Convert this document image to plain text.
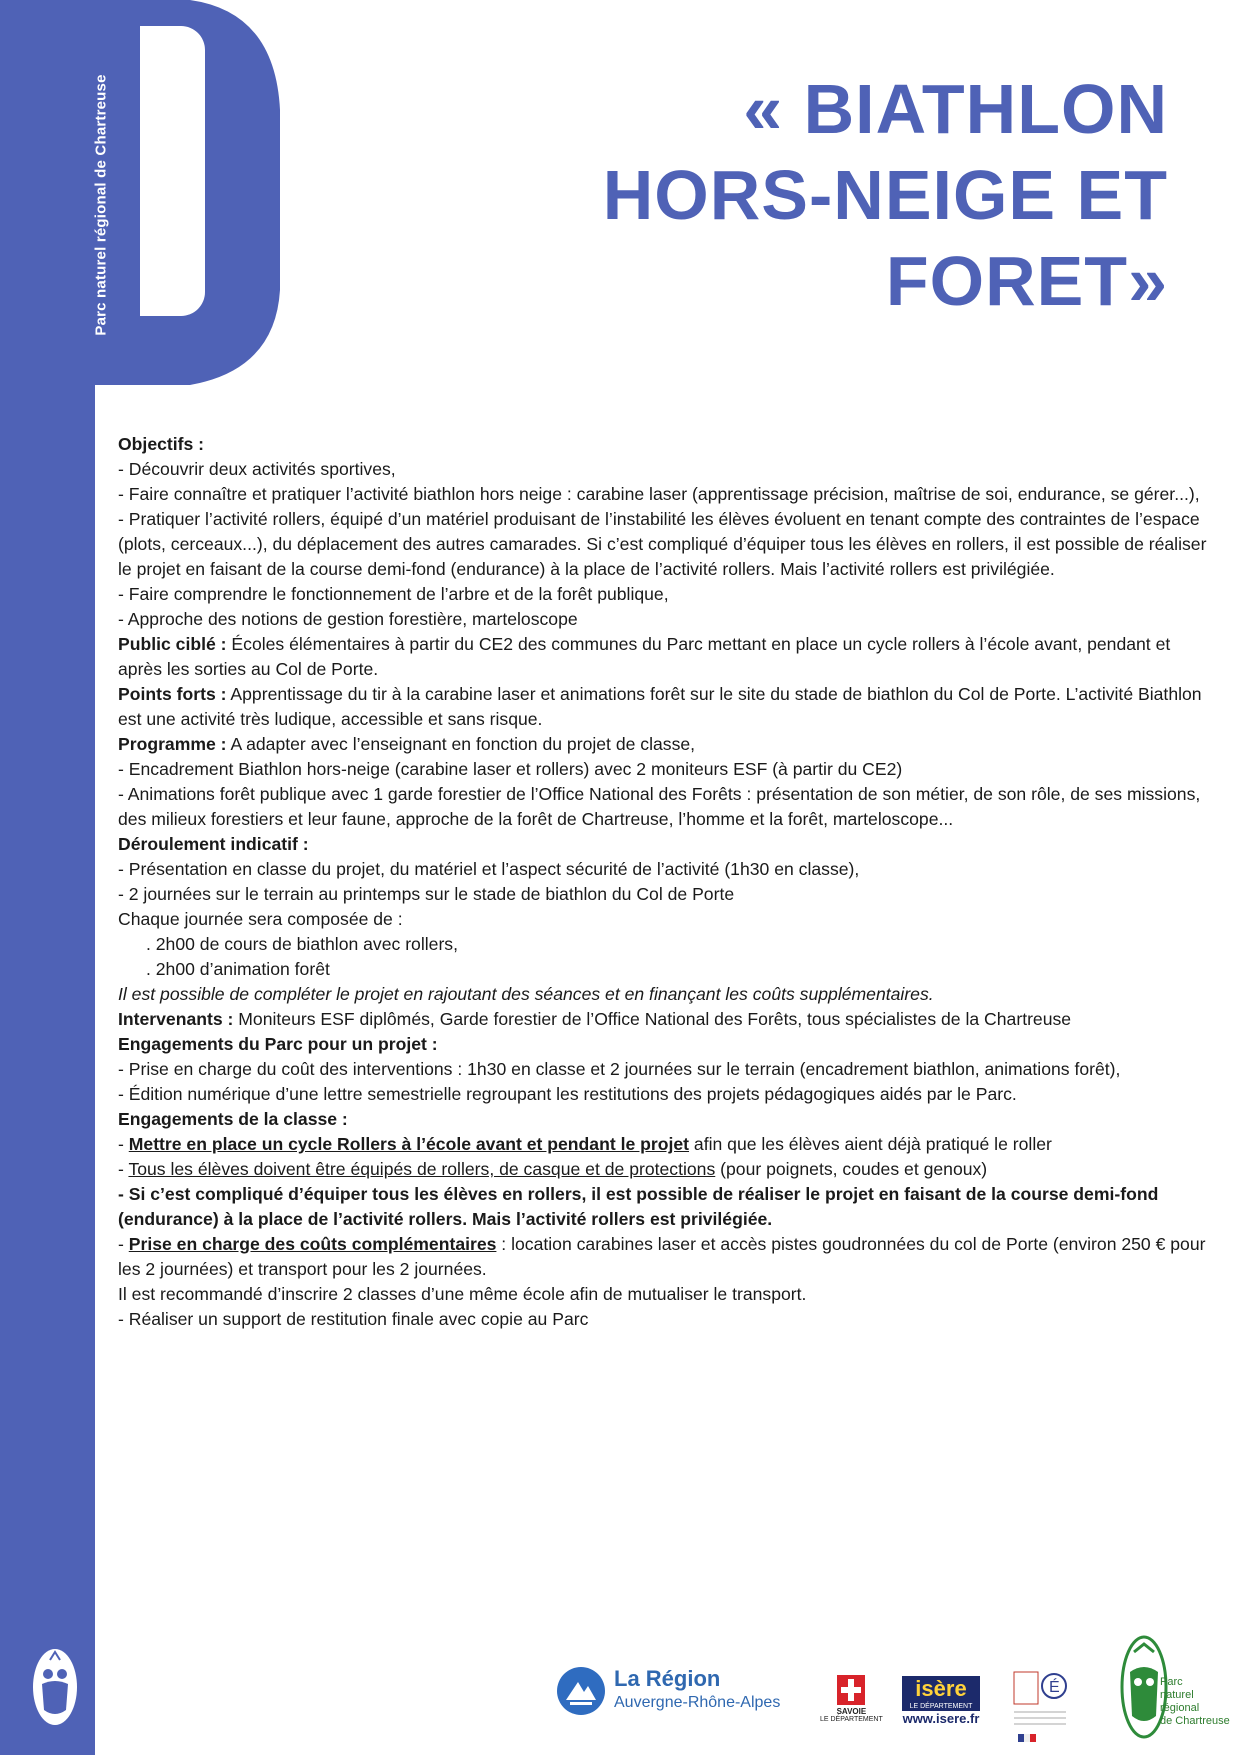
Parc naturel régional de Chartreuse	« BIATHLON
HORS-NEIGE ET
FORET»

Objectifs :

- Découvrir deux activités sportives,

- Faire connaître et pratiquer l’activité biathlon hors neige : carabine laser (apprentissage précision, maîtrise de soi, endurance, se gérer...),

- Pratiquer l’activité rollers, équipé d’un matériel produisant de l’instabilité les élèves évoluent en tenant compte des contraintes de l’espace (plots, cerceaux...), du déplacement des autres camarades. Si c’est compliqué d’équiper tous les élèves en rollers, il est possible de réaliser le projet en faisant de la course demi-fond (endurance) à la place de l’activité rollers. Mais l’activité rollers est privilégiée.

- Faire comprendre le fonctionnement de l’arbre et de la forêt publique,

- Approche des notions de gestion forestière, marteloscope

Public ciblé : Écoles élémentaires à partir du CE2 des communes du Parc mettant en place un cycle rollers à l’école avant, pendant et après les sorties au Col de Porte.

Points forts : Apprentissage du tir à la carabine laser et animations forêt sur le site du stade de biathlon du Col de Porte. L’activité Biathlon est une activité très ludique, accessible et sans risque.

Programme : A adapter avec l’enseignant en fonction du projet de classe,

- Encadrement Biathlon hors-neige (carabine laser et rollers) avec 2 moniteurs ESF (à partir du CE2)

- Animations forêt publique avec 1 garde forestier de l’Office National des Forêts : présentation de son métier, de son rôle, de ses missions, des milieux forestiers et leur faune, approche de la forêt de Chartreuse, l’homme et la forêt, marteloscope...

Déroulement indicatif :

- Présentation en classe du projet, du matériel et l’aspect sécurité de l’activité (1h30 en classe),

- 2 journées sur le terrain au printemps sur le stade de biathlon du Col de Porte

Chaque journée sera composée de :

. 2h00 de cours de biathlon avec rollers,

. 2h00 d’animation forêt

Il est possible de compléter le projet en rajoutant des séances et en finançant les coûts supplémentaires.

Intervenants : Moniteurs ESF diplômés, Garde forestier de l’Office National des Forêts, tous spécialistes de la Chartreuse

Engagements du Parc pour un projet :

- Prise en charge du coût des interventions : 1h30 en classe et 2 journées sur le terrain (encadrement biathlon, animations forêt),

- Édition numérique d’une lettre semestrielle regroupant les restitutions des projets pédagogiques aidés par le Parc.

Engagements de la classe :

- Mettre en place un cycle Rollers à l’école avant et pendant le projet afin que les élèves aient déjà pratiqué le roller

- Tous les élèves doivent être équipés de rollers, de casque et de protections (pour poignets, coudes et genoux)

- Si c’est compliqué d’équiper tous les élèves en rollers, il est possible de réaliser le projet en faisant de la course demi-fond (endurance) à la place de l’activité rollers. Mais l’activité rollers est privilégiée.

- Prise en charge des coûts complémentaires : location carabines laser et accès pistes goudronnées du col de Porte (environ 250 € pour les 2 journées) et transport pour les 2 journées.

Il est recommandé d’inscrire 2 classes d’une même école afin de mutualiser le transport.

- Réaliser un support de restitution finale avec copie au Parc

La Région
Auvergne-Rhône-Alpes
SAVOIE
LE DÉPARTEMENT
isère
LE DÉPARTEMENT
www.isere.fr
É	Parc
naturel
régional
de Chartreuse
